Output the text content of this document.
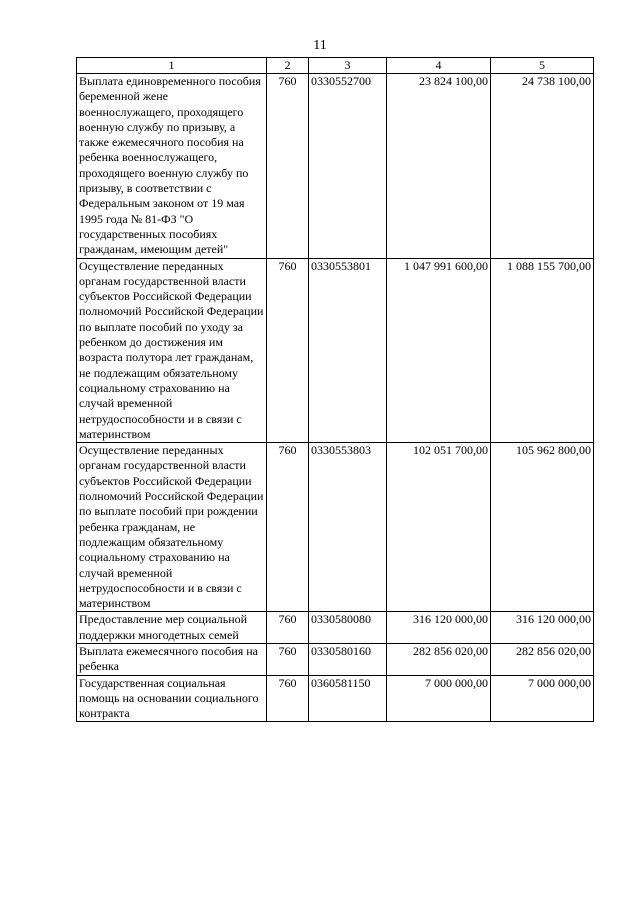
11
1	2	3	4	5
Выплата единовременного пособия беременной жене военнослужащего, проходящего военную службу по призыву, а также ежемесячного пособия на ребенка военнослужащего, проходящего военную службу по призыву, в соответствии с Федеральным законом от 19 мая 1995 года № 81-ФЗ "О государственных пособиях гражданам, имеющим детей"	760	0330552700	23 824 100,00	24 738 100,00
Осуществление переданных органам государственной власти субъектов Российской Федерации полномочий Российской Федерации по выплате пособий по уходу за ребенком до достижения им возраста полутора лет гражданам, не подлежащим обязательному социальному страхованию на случай временной нетрудоспособности и в связи с материнством	760	0330553801	1 047 991 600,00	1 088 155 700,00
Осуществление переданных органам государственной власти субъектов Российской Федерации полномочий Российской Федерации по выплате пособий при рождении ребенка гражданам, не подлежащим обязательному социальному страхованию на случай временной нетрудоспособности и в связи с материнством	760	0330553803	102 051 700,00	105 962 800,00
Предоставление мер социальной поддержки многодетных семей	760	0330580080	316 120 000,00	316 120 000,00
Выплата ежемесячного пособия на ребенка	760	0330580160	282 856 020,00	282 856 020,00
Государственная социальная помощь на основании социального контракта	760	0360581150	7 000 000,00	7 000 000,00
